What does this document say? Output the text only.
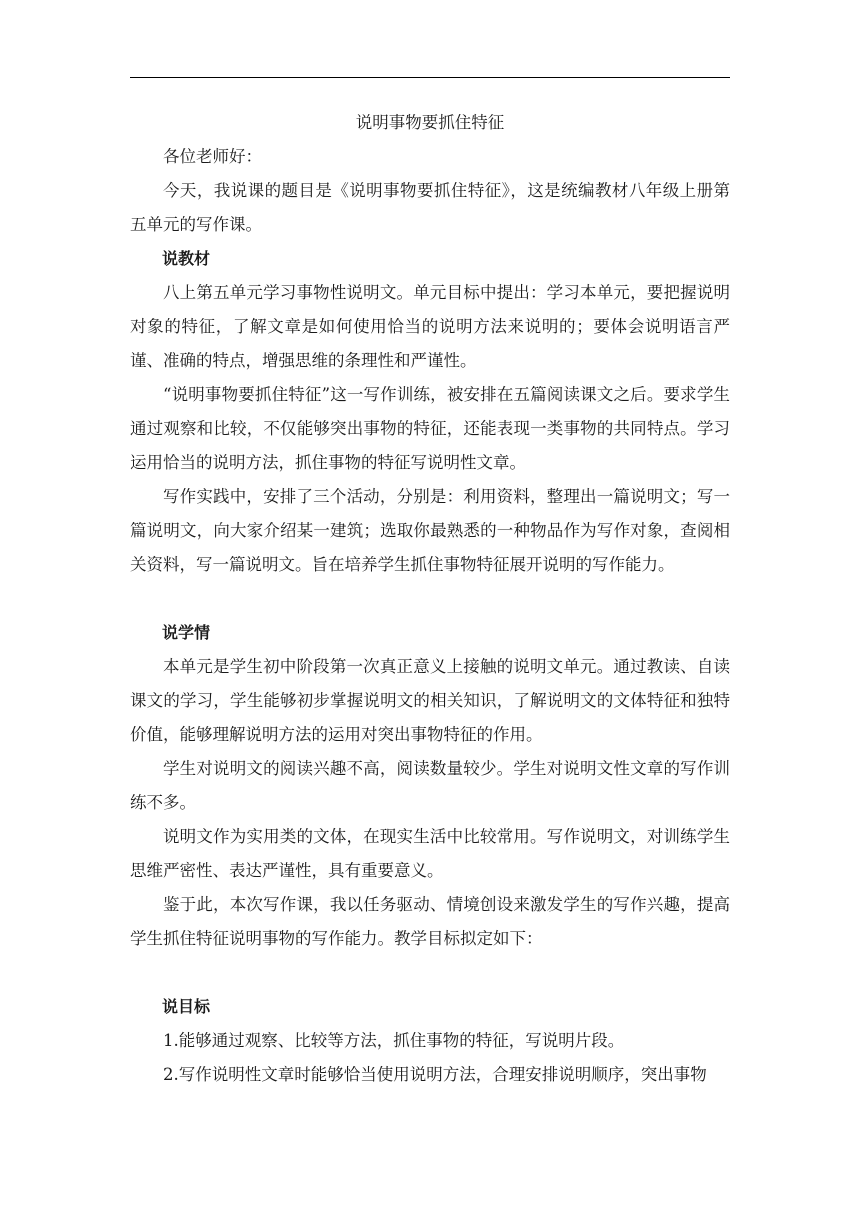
说明事物要抓住特征

各位老师好：

今天，我说课的题目是《说明事物要抓住特征》，这是统编教材八年级上册第五单元的写作课。

说教材

八上第五单元学习事物性说明文。单元目标中提出：学习本单元，要把握说明对象的特征，了解文章是如何使用恰当的说明方法来说明的；要体会说明语言严谨、准确的特点，增强思维的条理性和严谨性。

“说明事物要抓住特征”这一写作训练，被安排在五篇阅读课文之后。要求学生通过观察和比较，不仅能够突出事物的特征，还能表现一类事物的共同特点。学习运用恰当的说明方法，抓住事物的特征写说明性文章。

写作实践中，安排了三个活动，分别是：利用资料，整理出一篇说明文；写一篇说明文，向大家介绍某一建筑；选取你最熟悉的一种物品作为写作对象，查阅相关资料，写一篇说明文。旨在培养学生抓住事物特征展开说明的写作能力。

说学情

本单元是学生初中阶段第一次真正意义上接触的说明文单元。通过教读、自读课文的学习，学生能够初步掌握说明文的相关知识，了解说明文的文体特征和独特价值，能够理解说明方法的运用对突出事物特征的作用。

学生对说明文的阅读兴趣不高，阅读数量较少。学生对说明文性文章的写作训练不多。

说明文作为实用类的文体，在现实生活中比较常用。写作说明文，对训练学生思维严密性、表达严谨性，具有重要意义。

鉴于此，本次写作课，我以任务驱动、情境创设来激发学生的写作兴趣，提高学生抓住特征说明事物的写作能力。教学目标拟定如下：

说目标

1.能够通过观察、比较等方法，抓住事物的特征，写说明片段。

2.写作说明性文章时能够恰当使用说明方法，合理安排说明顺序，突出事物
